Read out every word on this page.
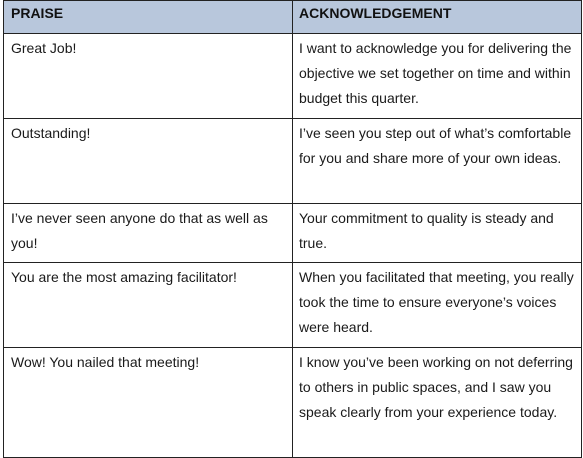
PRAISE	ACKNOWLEDGEMENT
Great Job!	I want to acknowledge you for delivering the objective we set together on time and within budget this quarter.
Outstanding!	I’ve seen you step out of what’s comfortable for you and share more of your own ideas.
I’ve never seen anyone do that as well as you!	Your commitment to quality is steady and true.
You are the most amazing facilitator!	When you facilitated that meeting, you really took the time to ensure everyone’s voices were heard.
Wow! You nailed that meeting!	I know you’ve been working on not deferring to others in public spaces, and I saw you speak clearly from your experience today.
